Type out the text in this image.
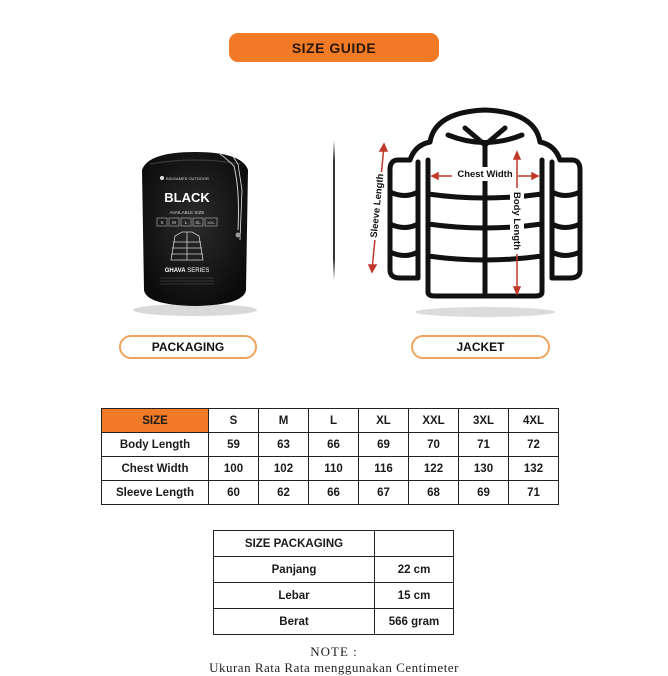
SIZE GUIDE
BIGGAMES OUTDOOR
BLACK
AVAILABLE SIZE
S M L XL XXL
GHAVA SERIES
Chest Width
Sleeve Length	Body Length
PACKAGING	JACKET
SIZE	S	M	L	XL	XXL	3XL	4XL
Body Length	59	63	66	69	70	71	72
Chest Width	100	102	110	116	122	130	132
Sleeve Length	60	62	66	67	68	69	71
SIZE PACKAGING	
Panjang	22 cm
Lebar	15 cm
Berat	566 gram
NOTE :
Ukuran Rata Rata menggunakan Centimeter
